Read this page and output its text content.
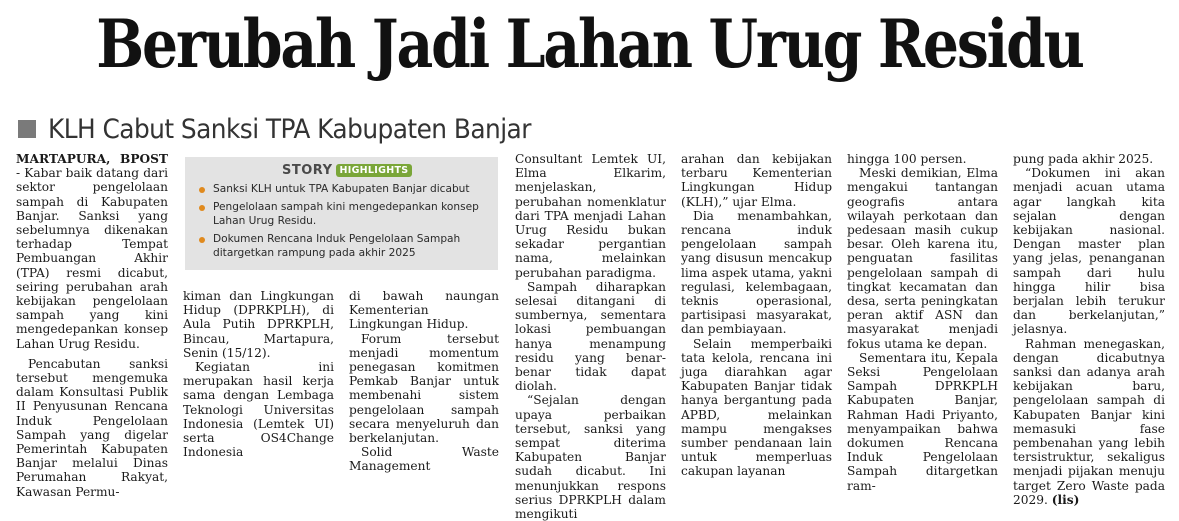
Berubah Jadi Lahan Urug Residu
KLH Cabut Sanksi TPA Kabupaten Banjar

MARTAPURA, BPOST - Kabar baik datang dari sektor pengelolaan sampah di Kabupaten Banjar. Sanksi yang sebelumnya dikenakan terhadap Tempat Pembuangan Akhir (TPA) resmi dicabut, seiring perubahan arah kebijakan pengelolaan sampah yang kini mengedepankan konsep Lahan Urug Residu.

Pencabutan sanksi tersebut mengemuka dalam Konsultasi Publik II Penyusunan Rencana Induk Pengelolaan Sampah yang digelar Pemerintah Kabupaten Banjar melalui Dinas Perumahan Rakyat, Kawasan Permu-

STORY HIGHLIGHTS
Sanksi KLH untuk TPA Kabupaten Banjar dicabut
Pengelolaan sampah kini mengedepankan konsep Lahan Urug Residu.
Dokumen Rencana Induk Pengelolaan Sampah ditargetkan rampung pada akhir 2025

kiman dan Lingkungan Hidup (DPRKPLH), di Aula Putih DPRKPLH, Bincau, Martapura, Senin (15/12).

Kegiatan ini merupakan hasil kerja sama dengan Lembaga Teknologi Universitas Indonesia (Lemtek UI) serta OS4Change Indonesia

di bawah naungan Kementerian Lingkungan Hidup.

Forum tersebut menjadi momentum penegasan komitmen Pemkab Banjar untuk membenahi sistem pengelolaan sampah secara menyeluruh dan berkelanjutan.

Solid Waste Management

Consultant Lemtek UI, Elma Elkarim, menjelaskan, perubahan nomenklatur dari TPA menjadi Lahan Urug Residu bukan sekadar pergantian nama, melainkan perubahan paradigma.

Sampah diharapkan selesai ditangani di sumbernya, sementara lokasi pembuangan hanya menampung residu yang benar-benar tidak dapat diolah.

“Sejalan dengan upaya perbaikan tersebut, sanksi yang sempat diterima Kabupaten Banjar sudah dicabut. Ini menunjukkan respons serius DPRKPLH dalam mengikuti

arahan dan kebijakan terbaru Kementerian Lingkungan Hidup (KLH),” ujar Elma.

Dia menambahkan, rencana induk pengelolaan sampah yang disusun mencakup lima aspek utama, yakni regulasi, kelembagaan, teknis operasional, partisipasi masyarakat, dan pembiayaan.

Selain memperbaiki tata kelola, rencana ini juga diarahkan agar Kabupaten Banjar tidak hanya bergantung pada APBD, melainkan mampu mengakses sumber pendanaan lain untuk memperluas cakupan layanan

hingga 100 persen.

Meski demikian, Elma mengakui tantangan geografis antara wilayah perkotaan dan pedesaan masih cukup besar. Oleh karena itu, penguatan fasilitas pengelolaan sampah di tingkat kecamatan dan desa, serta peningkatan peran aktif ASN dan masyarakat menjadi fokus utama ke depan.

Sementara itu, Kepala Seksi Pengelolaan Sampah DPRKPLH Kabupaten Banjar, Rahman Hadi Priyanto, menyampaikan bahwa dokumen Rencana Induk Pengelolaan Sampah ditargetkan ram-

pung pada akhir 2025.

“Dokumen ini akan menjadi acuan utama agar langkah kita sejalan dengan kebijakan nasional. Dengan master plan yang jelas, penanganan sampah dari hulu hingga hilir bisa berjalan lebih terukur dan berkelanjutan,” jelasnya.

Rahman menegaskan, dengan dicabutnya sanksi dan adanya arah kebijakan baru, pengelolaan sampah di Kabupaten Banjar kini memasuki fase pembenahan yang lebih tersistruktur, sekaligus menjadi pijakan menuju target Zero Waste pada 2029. (lis)
